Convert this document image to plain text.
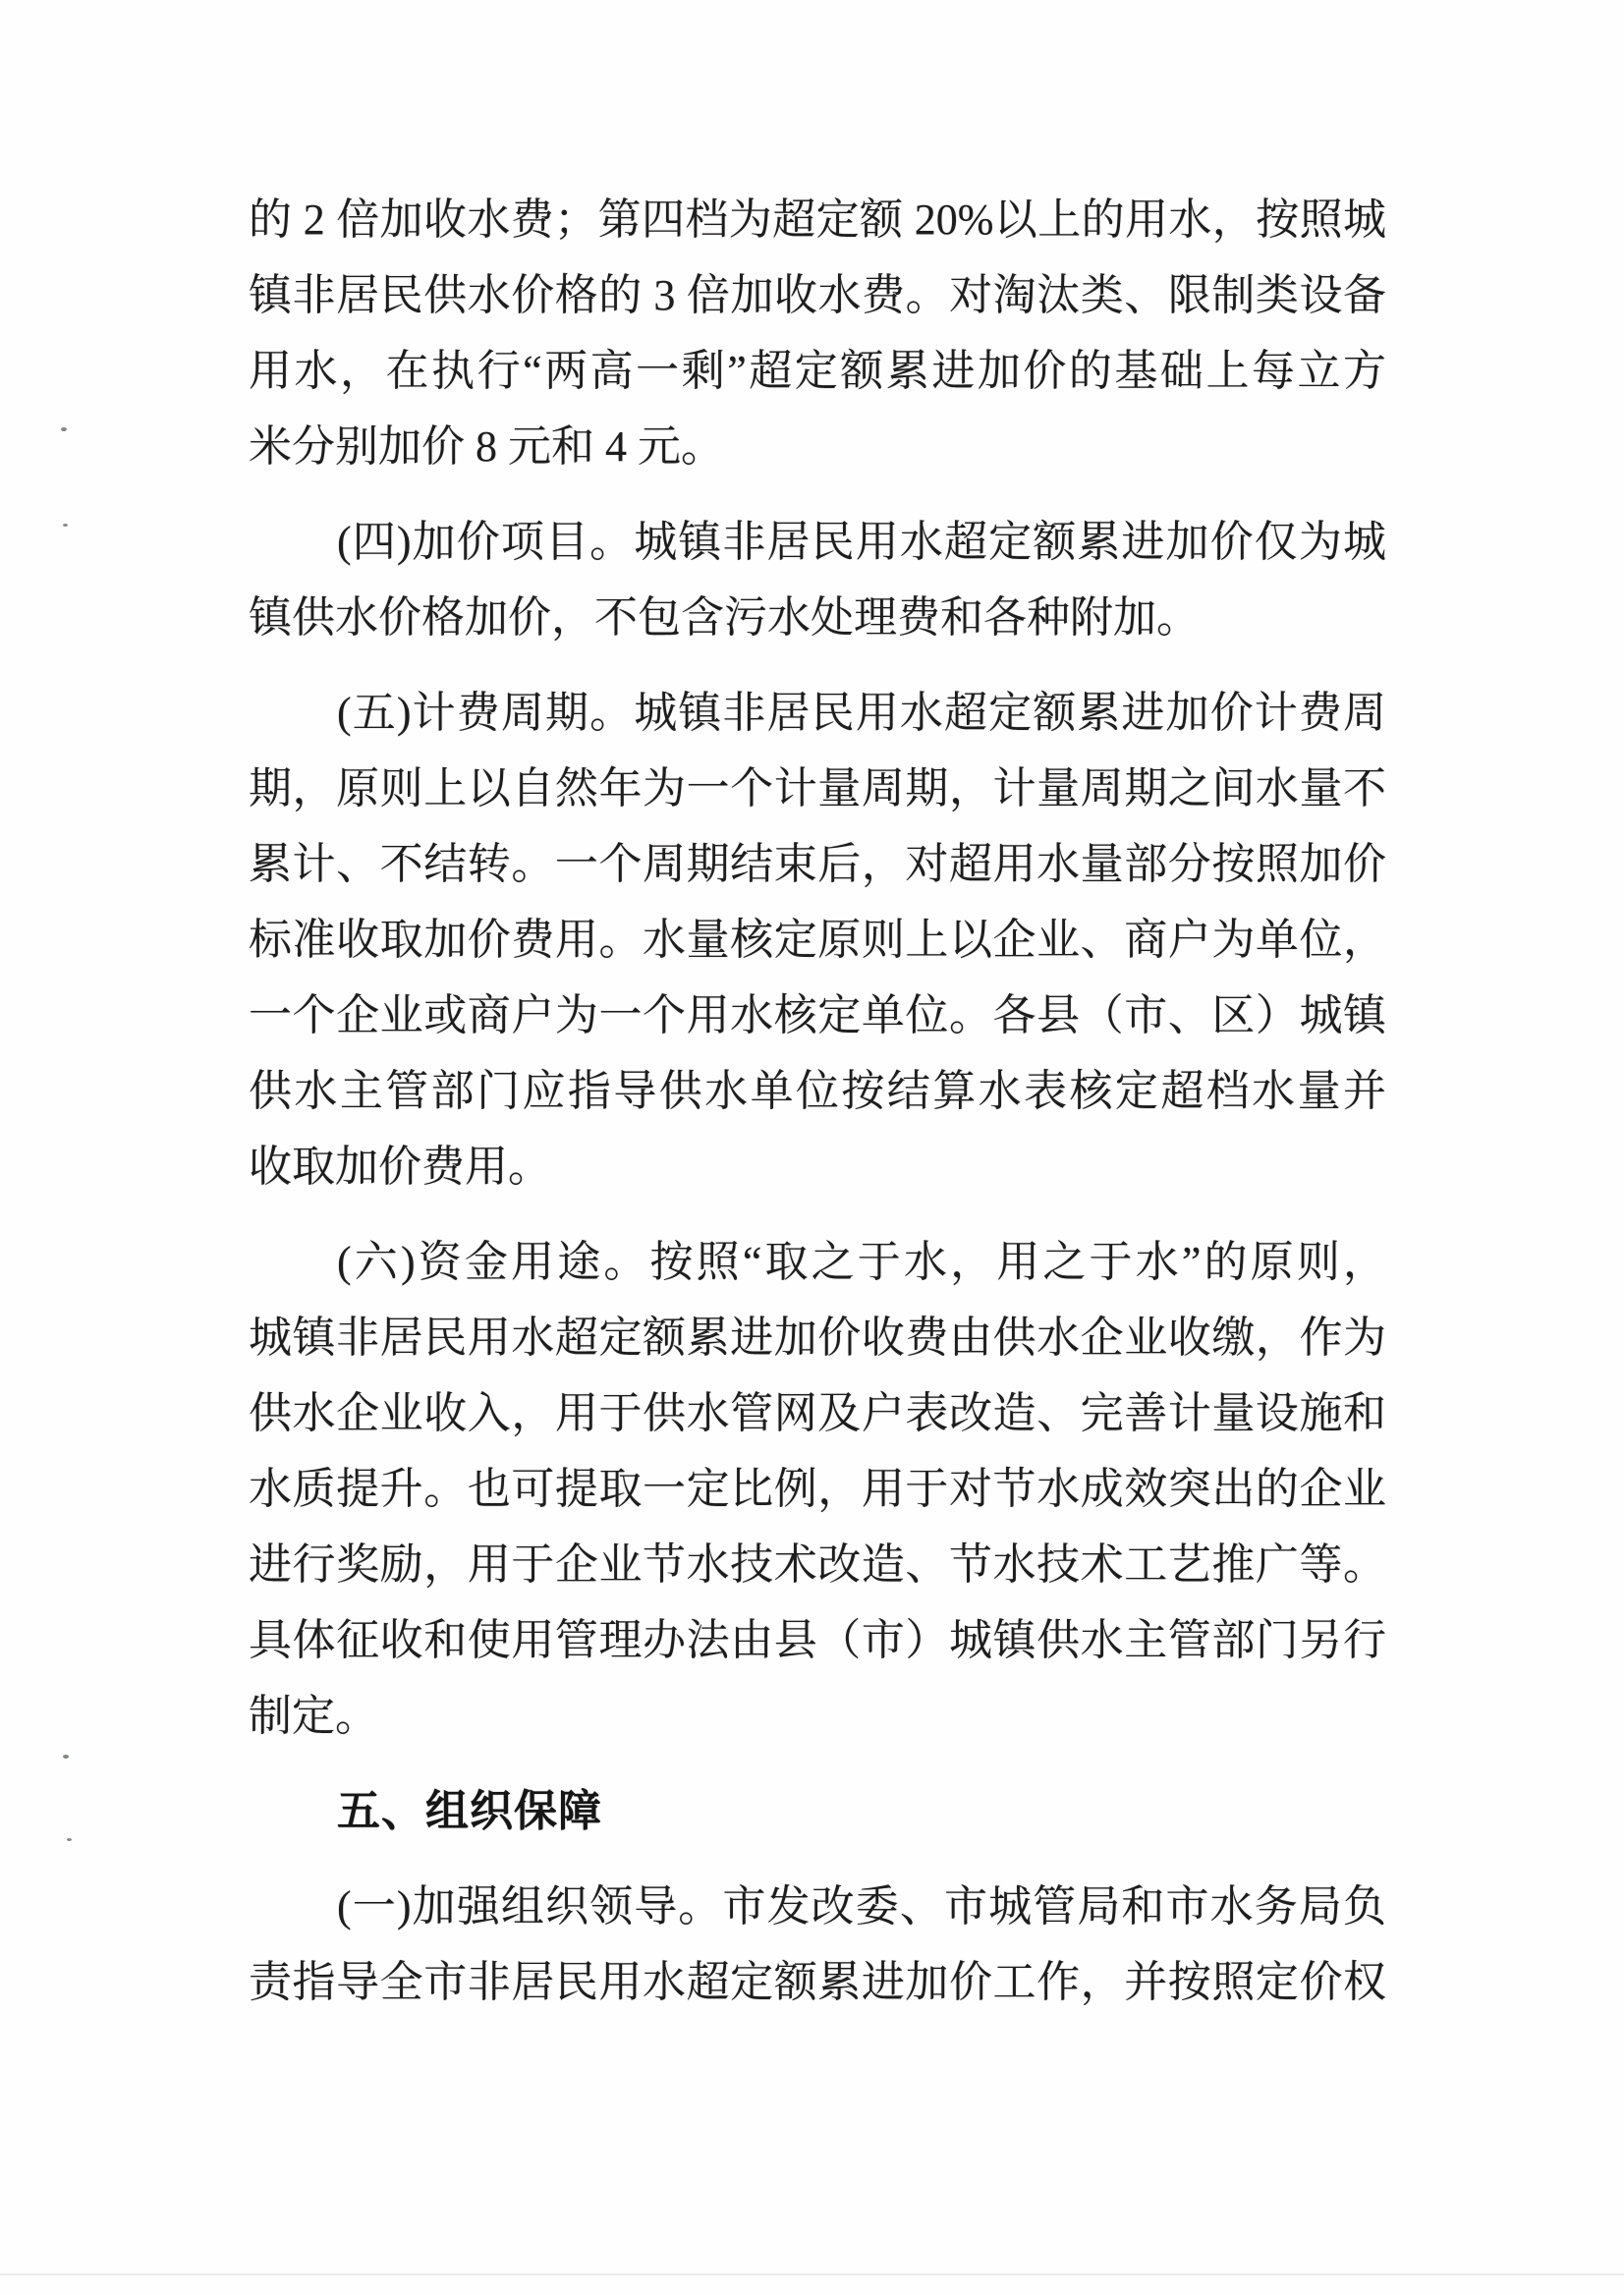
的 2 倍加收水费；第四档为超定额 20%以上的用水，按照城
镇非居民供水价格的 3 倍加收水费。对淘汰类、限制类设备
用水，在执行“两高一剩”超定额累进加价的基础上每立方
米分别加价 8 元和 4 元。
(四)加价项目。城镇非居民用水超定额累进加价仅为城
镇供水价格加价，不包含污水处理费和各种附加。
(五)计费周期。城镇非居民用水超定额累进加价计费周
期，原则上以自然年为一个计量周期，计量周期之间水量不
累计、不结转。一个周期结束后，对超用水量部分按照加价
标准收取加价费用。水量核定原则上以企业、商户为单位，
一个企业或商户为一个用水核定单位。各县（市、区）城镇
供水主管部门应指导供水单位按结算水表核定超档水量并
收取加价费用。
(六)资金用途。按照“取之于水，用之于水”的原则，
城镇非居民用水超定额累进加价收费由供水企业收缴，作为
供水企业收入，用于供水管网及户表改造、完善计量设施和
水质提升。也可提取一定比例，用于对节水成效突出的企业
进行奖励，用于企业节水技术改造、节水技术工艺推广等。
具体征收和使用管理办法由县（市）城镇供水主管部门另行
制定。
五、组织保障
(一)加强组织领导。市发改委、市城管局和市水务局负
责指导全市非居民用水超定额累进加价工作，并按照定价权
